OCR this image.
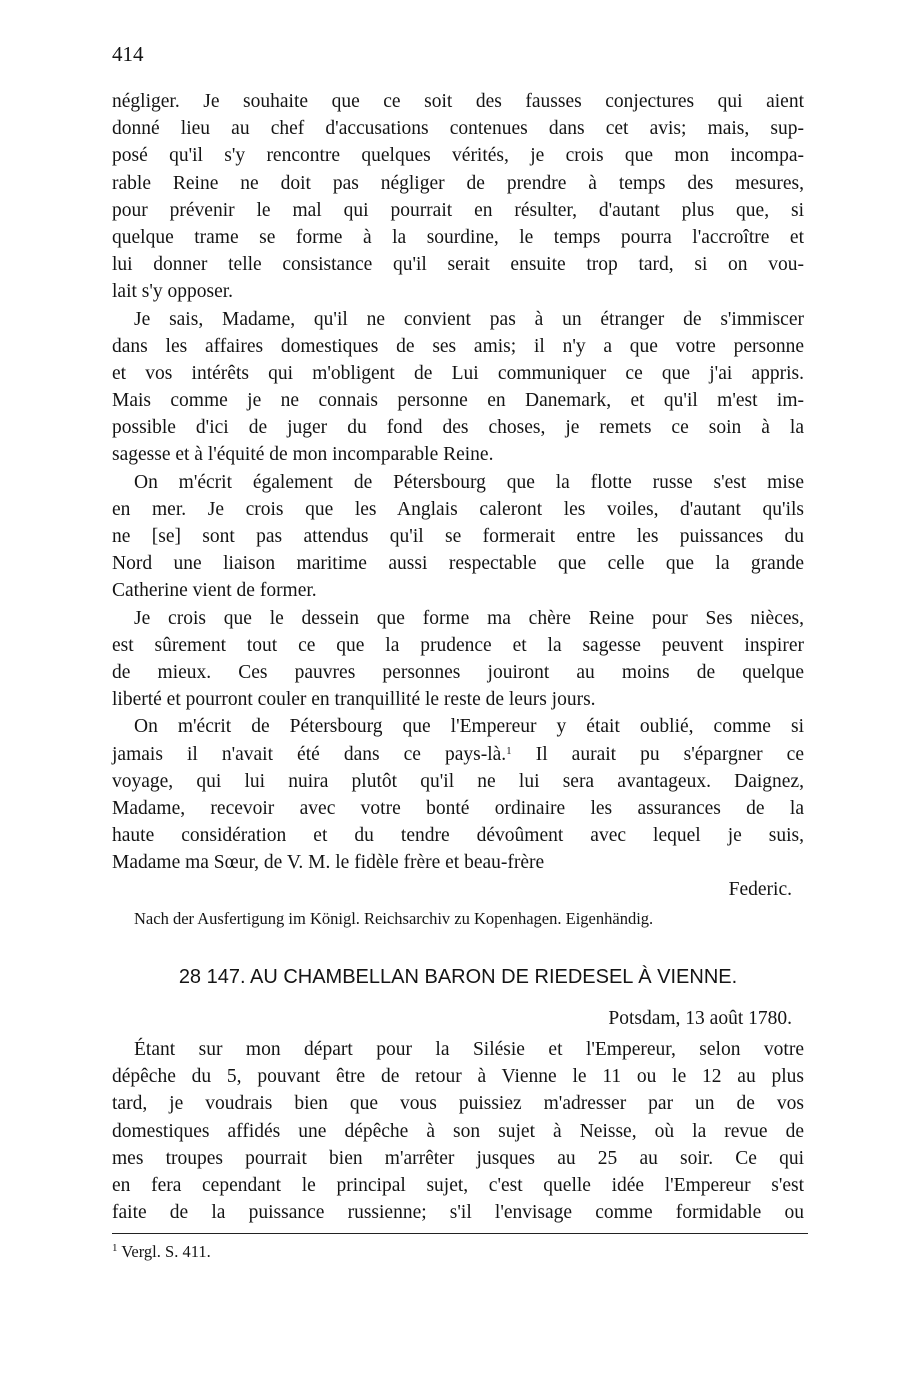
414
négliger. Je souhaite que ce soit des fausses conjectures qui aient
donné lieu au chef d'accusations contenues dans cet avis; mais, sup-
posé qu'il s'y rencontre quelques vérités, je crois que mon incompa-
rable Reine ne doit pas négliger de prendre à temps des mesures,
pour prévenir le mal qui pourrait en résulter, d'autant plus que, si
quelque trame se forme à la sourdine, le temps pourra l'accroître et
lui donner telle consistance qu'il serait ensuite trop tard, si on vou-
lait s'y opposer.
Je sais, Madame, qu'il ne convient pas à un étranger de s'immiscer
dans les affaires domestiques de ses amis; il n'y a que votre personne
et vos intérêts qui m'obligent de Lui communiquer ce que j'ai appris.
Mais comme je ne connais personne en Danemark, et qu'il m'est im-
possible d'ici de juger du fond des choses, je remets ce soin à la
sagesse et à l'équité de mon incomparable Reine.
On m'écrit également de Pétersbourg que la flotte russe s'est mise
en mer. Je crois que les Anglais caleront les voiles, d'autant qu'ils
ne [se] sont pas attendus qu'il se formerait entre les puissances du
Nord une liaison maritime aussi respectable que celle que la grande
Catherine vient de former.
Je crois que le dessein que forme ma chère Reine pour Ses nièces,
est sûrement tout ce que la prudence et la sagesse peuvent inspirer
de mieux. Ces pauvres personnes jouiront au moins de quelque
liberté et pourront couler en tranquillité le reste de leurs jours.
On m'écrit de Pétersbourg que l'Empereur y était oublié, comme si
jamais il n'avait été dans ce pays-là.$^1$ Il aurait pu s'épargner ce
voyage, qui lui nuira plutôt qu'il ne lui sera avantageux. Daignez,
Madame, recevoir avec votre bonté ordinaire les assurances de la
haute considération et du tendre dévoûment avec lequel je suis,
Madame ma Sœur, de V. M. le fidèle frère et beau-frère
Federic.
Nach der Ausfertigung im Königl. Reichsarchiv zu Kopenhagen. Eigenhändig.
28 147. AU CHAMBELLAN BARON DE RIEDESEL À VIENNE.
Potsdam, 13 août 1780.
Étant sur mon départ pour la Silésie et l'Empereur, selon votre
dépêche du 5, pouvant être de retour à Vienne le 11 ou le 12 au plus
tard, je voudrais bien que vous puissiez m'adresser par un de vos
domestiques affidés une dépêche à son sujet à Neisse, où la revue de
mes troupes pourrait bien m'arrêter jusques au 25 au soir. Ce qui
en fera cependant le principal sujet, c'est quelle idée l'Empereur s'est
faite de la puissance russienne; s'il l'envisage comme formidable ou
$^1$ Vergl. S. 411.
